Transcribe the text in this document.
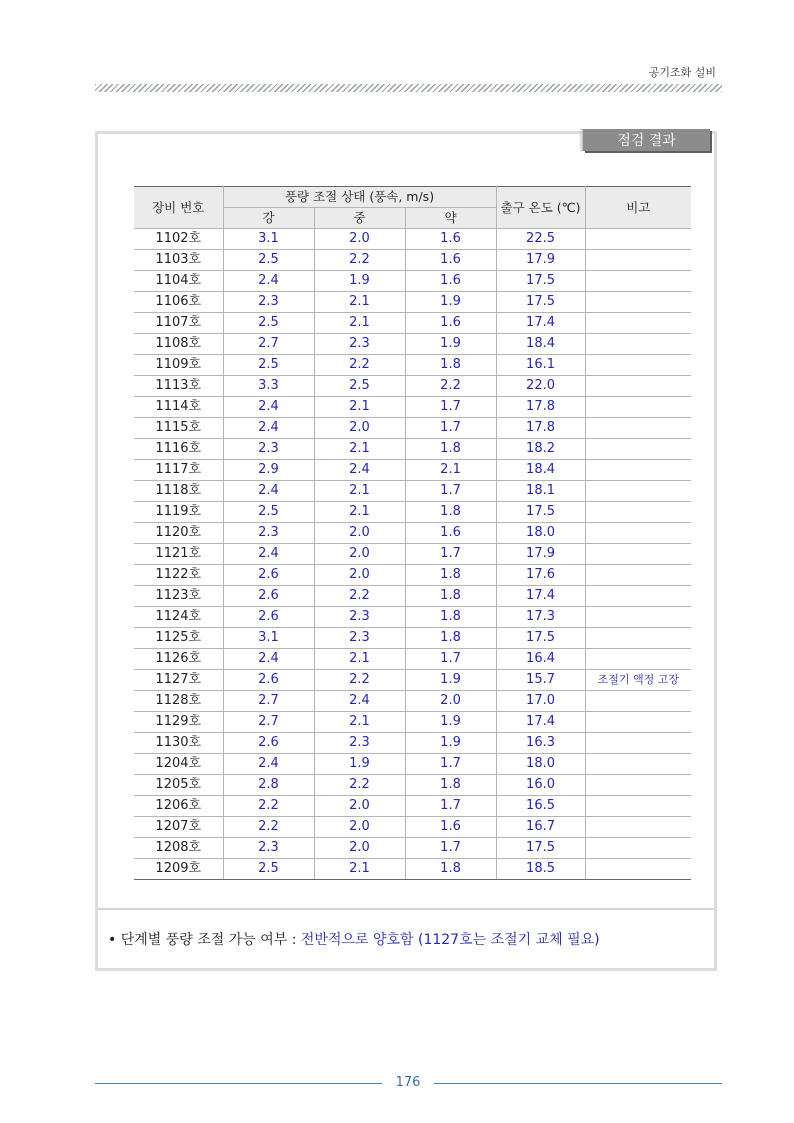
공기조화 설비
점검 결과
장비 번호	풍량 조절 상태 (풍속, m/s)			출구 온도 (℃)	비고
	강	중	약		
1102호	3.1	2.0	1.6	22.5	
1103호	2.5	2.2	1.6	17.9	
1104호	2.4	1.9	1.6	17.5	
1106호	2.3	2.1	1.9	17.5	
1107호	2.5	2.1	1.6	17.4	
1108호	2.7	2.3	1.9	18.4	
1109호	2.5	2.2	1.8	16.1	
1113호	3.3	2.5	2.2	22.0	
1114호	2.4	2.1	1.7	17.8	
1115호	2.4	2.0	1.7	17.8	
1116호	2.3	2.1	1.8	18.2	
1117호	2.9	2.4	2.1	18.4	
1118호	2.4	2.1	1.7	18.1	
1119호	2.5	2.1	1.8	17.5	
1120호	2.3	2.0	1.6	18.0	
1121호	2.4	2.0	1.7	17.9	
1122호	2.6	2.0	1.8	17.6	
1123호	2.6	2.2	1.8	17.4	
1124호	2.6	2.3	1.8	17.3	
1125호	3.1	2.3	1.8	17.5	
1126호	2.4	2.1	1.7	16.4	
1127호	2.6	2.2	1.9	15.7	조절기 액정 고장
1128호	2.7	2.4	2.0	17.0	
1129호	2.7	2.1	1.9	17.4	
1130호	2.6	2.3	1.9	16.3	
1204호	2.4	1.9	1.7	18.0	
1205호	2.8	2.2	1.8	16.0	
1206호	2.2	2.0	1.7	16.5	
1207호	2.2	2.0	1.6	16.7	
1208호	2.3	2.0	1.7	17.5	
1209호	2.5	2.1	1.8	18.5	
• 단계별 풍량 조절 가능 여부 : 전반적으로 양호함 (1127호는 조절기 교체 필요)
176
